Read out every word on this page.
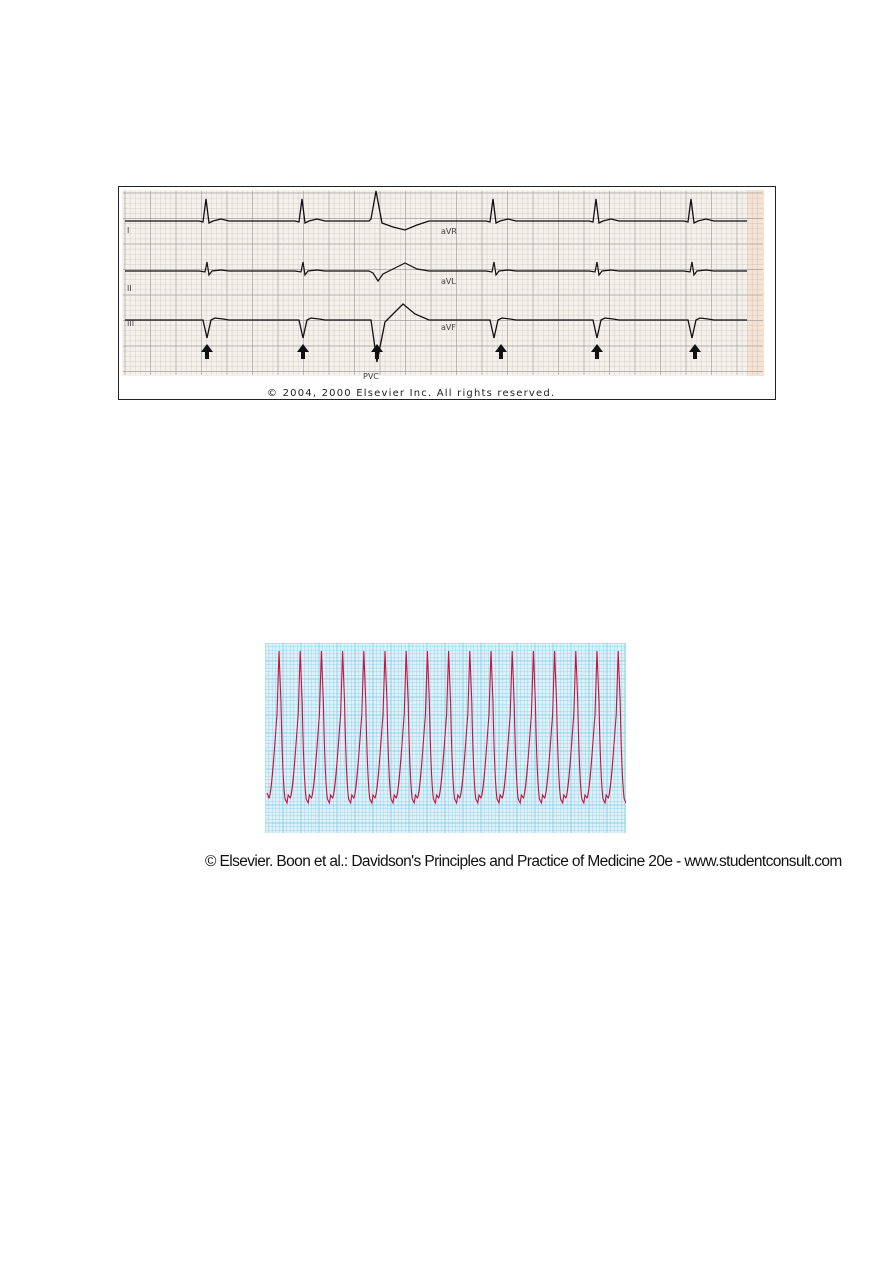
I
II
III
aVR
aVL
aVF
PVC
© 2004, 2000 Elsevier Inc. All rights reserved.
© Elsevier. Boon et al.: Davidson's Principles and Practice of Medicine 20e - www.studentconsult.com
